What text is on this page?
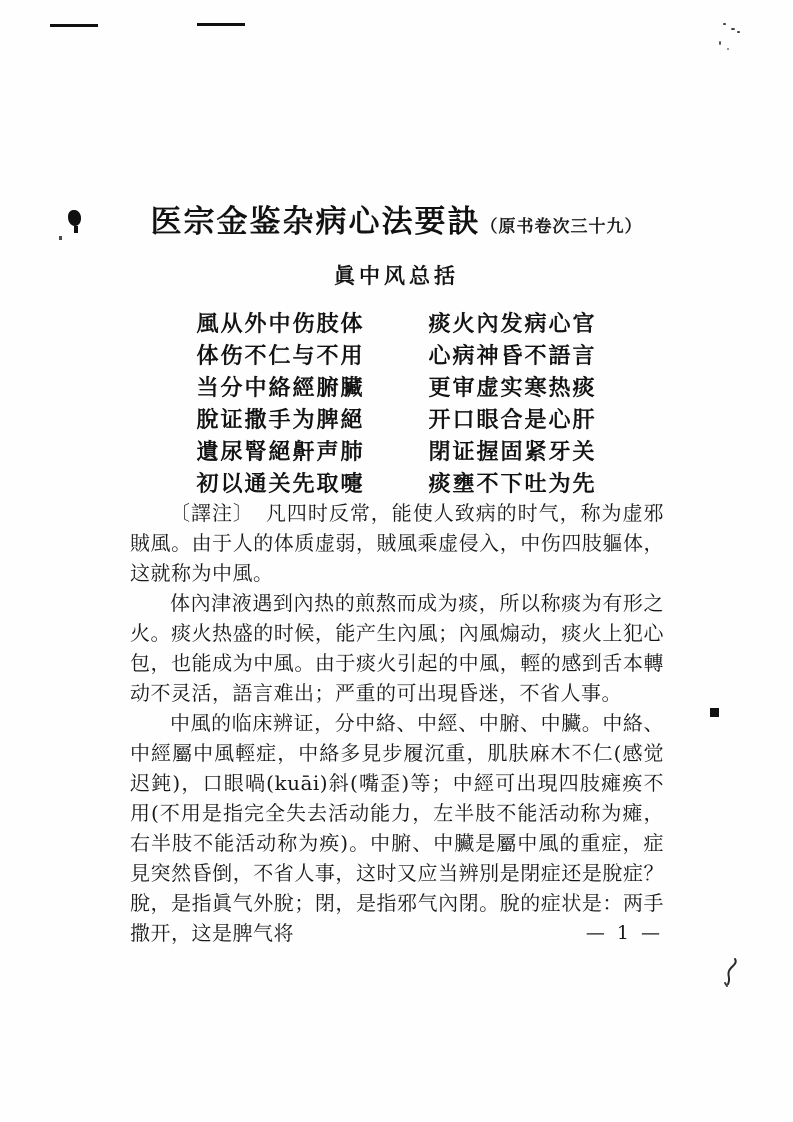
医宗金鉴杂病心法要訣（原书卷次三十九）
眞中风总括
風从外中伤肢体	痰火內发病心官
体伤不仁与不用	心病神昏不語言
当分中絡經腑臟	更审虚实寒热痰
脫证撒手为脾絕	开口眼合是心肝
遺尿腎絕鼾声肺	閉证握固紧牙关
初以通关先取嚏	痰壅不下吐为先

〔譯注〕 凡四时反常，能使人致病的时气，称为虚邪賊風。由于人的体质虚弱，賊風乘虚侵入，中伤四肢軀体，这就称为中風。

体內津液遇到內热的煎熬而成为痰，所以称痰为有形之火。痰火热盛的时候，能产生內風；內風煽动，痰火上犯心包，也能成为中風。由于痰火引起的中風，輕的感到舌本轉动不灵活，語言难出；严重的可出現昏迷，不省人事。

中風的临床辨证，分中絡、中經、中腑、中臟。中絡、中經屬中風輕症，中絡多見步履沉重，肌肤麻木不仁(感觉迟鈍)，口眼喎(kuāi)斜(嘴歪)等；中經可出現四肢瘫痪不用(不用是指完全失去活动能力，左半肢不能活动称为瘫，右半肢不能活动称为痪)。中腑、中臟是屬中風的重症，症見突然昏倒，不省人事，这时又应当辨別是閉症还是脫症？脫，是指眞气外脫；閉，是指邪气內閉。脫的症状是：两手撒开，这是脾气将	— 1 —
